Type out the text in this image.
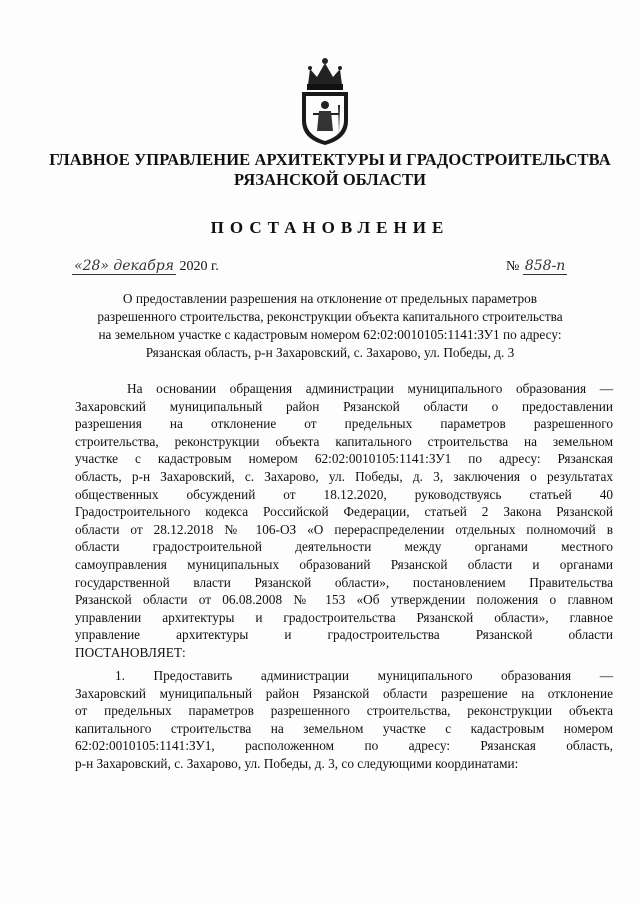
ГЛАВНОЕ УПРАВЛЕНИЕ АРХИТЕКТУРЫ И ГРАДОСТРОИТЕЛЬСТВА
РЯЗАНСКОЙ ОБЛАСТИ
ПОСТАНОВЛЕНИЕ
«28» декабря 2020 г.	№ 858-п
О предоставлении разрешения на отклонение от предельных параметров
разрешенного строительства, реконструкции объекта капитального строительства
на земельном участке с кадастровым номером 62:02:0010105:1141:ЗУ1 по адресу:
Рязанская область, р-н Захаровский, с. Захарово, ул. Победы, д. 3
На основании обращения администрации муниципального образования —
Захаровский муниципальный район Рязанской области о предоставлении
разрешения на отклонение от предельных параметров разрешенного
строительства, реконструкции объекта капитального строительства на земельном
участке с кадастровым номером 62:02:0010105:1141:ЗУ1 по адресу: Рязанская
область, р-н Захаровский, с. Захарово, ул. Победы, д. 3, заключения о результатах
общественных обсуждений от 18.12.2020, руководствуясь статьей 40
Градостроительного кодекса Российской Федерации, статьей 2 Закона Рязанской
области от 28.12.2018 № 106-ОЗ «О перераспределении отдельных полномочий в
области градостроительной деятельности между органами местного
самоуправления муниципальных образований Рязанской области и органами
государственной власти Рязанской области», постановлением Правительства
Рязанской области от 06.08.2008 № 153 «Об утверждении положения о главном
управлении архитектуры и градостроительства Рязанской области», главное
управление архитектуры и градостроительства Рязанской области
ПОСТАНОВЛЯЕТ:
1. Предоставить администрации муниципального образования —
Захаровский муниципальный район Рязанской области разрешение на отклонение
от предельных параметров разрешенного строительства, реконструкции объекта
капитального строительства на земельном участке с кадастровым номером
62:02:0010105:1141:ЗУ1, расположенном по адресу: Рязанская область,
р-н Захаровский, с. Захарово, ул. Победы, д. 3, со следующими координатами:
